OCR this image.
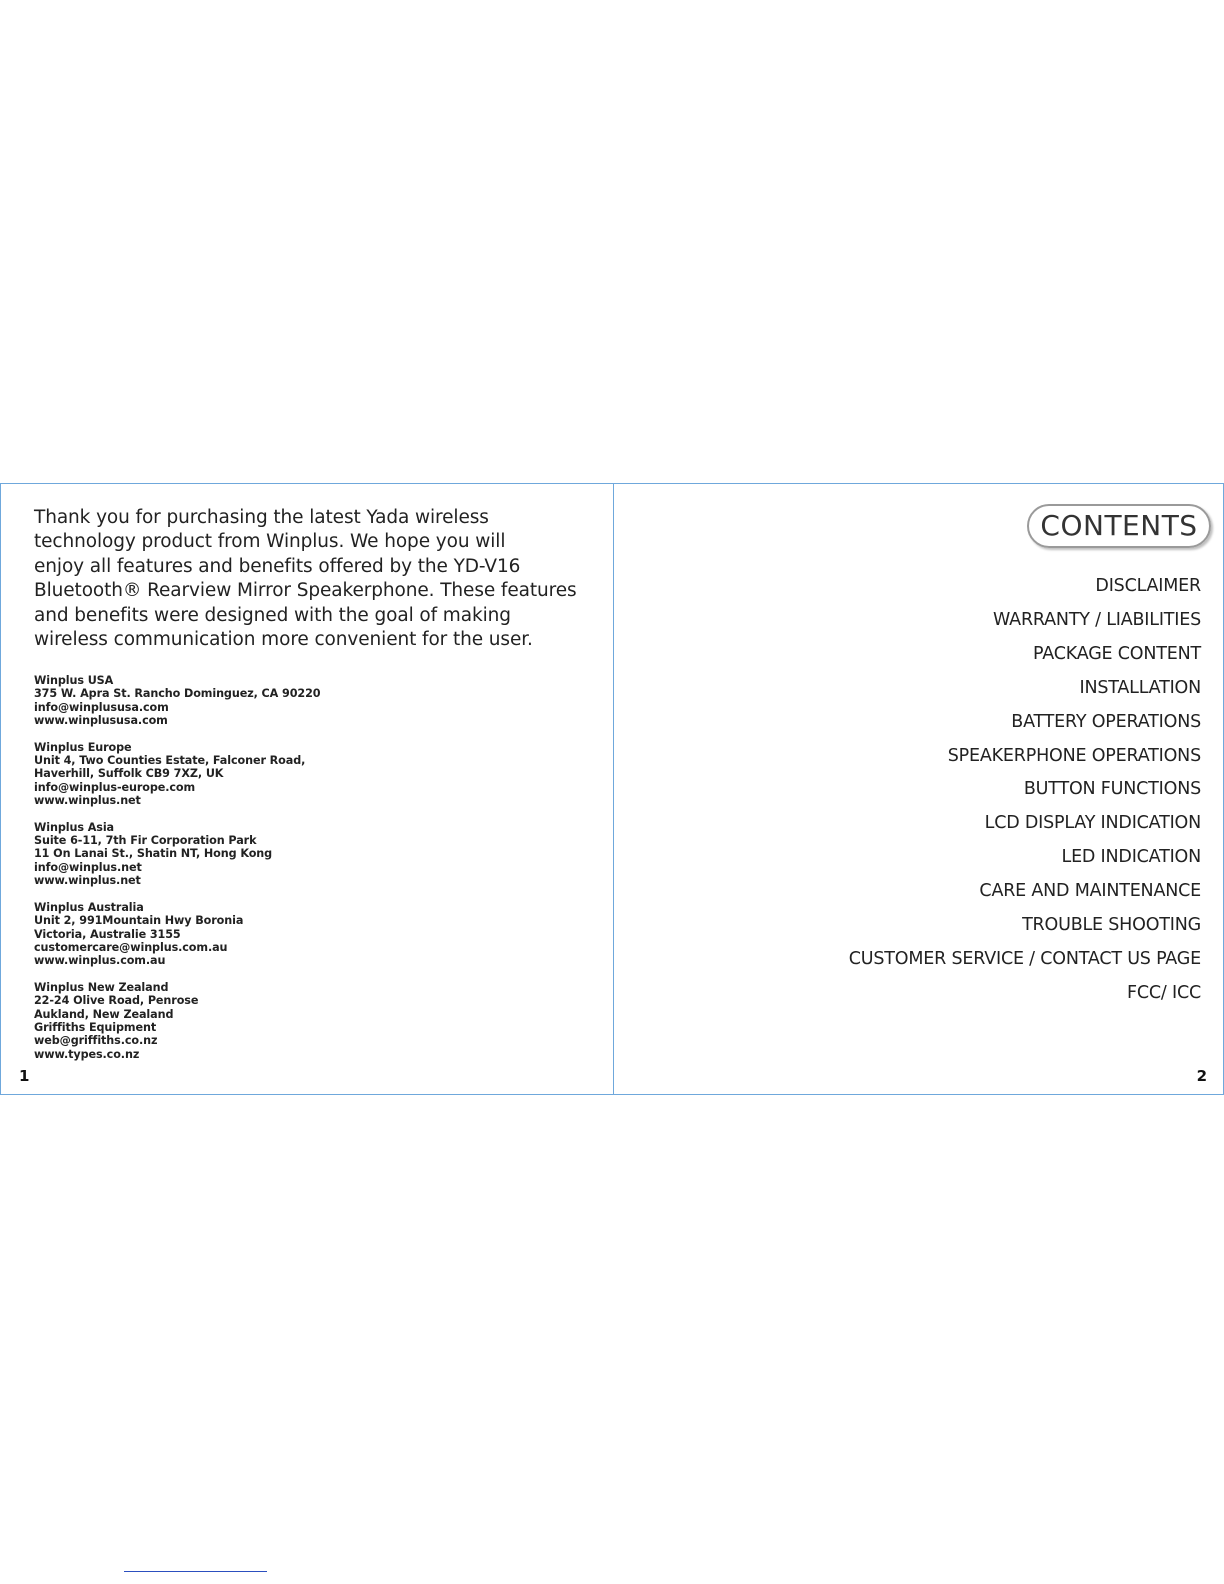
Thank you for purchasing the latest Yada wireless
technology product from Winplus. We hope you will
enjoy all features and benefits offered by the YD-V16
Bluetooth® Rearview Mirror Speakerphone. These features
and benefits were designed with the goal of making
wireless communication more convenient for the user.
Winplus USA
375 W. Apra St. Rancho Dominguez, CA 90220
info@winplususa.com
www.winplususa.com
Winplus Europe
Unit 4, Two Counties Estate, Falconer Road,
Haverhill, Suffolk CB9 7XZ, UK
info@winplus-europe.com
www.winplus.net
Winplus Asia
Suite 6-11, 7th Fir Corporation Park
11 On Lanai St., Shatin NT, Hong Kong
info@winplus.net
www.winplus.net
Winplus Australia
Unit 2, 991Mountain Hwy Boronia
Victoria, Australie 3155
customercare@winplus.com.au
www.winplus.com.au
Winplus New Zealand
22-24 Olive Road, Penrose
Aukland, New Zealand
Griffiths Equipment
web@griffiths.co.nz
www.types.co.nz
1
CONTENTS
DISCLAIMER
WARRANTY / LIABILITIES
PACKAGE CONTENT
INSTALLATION
BATTERY OPERATIONS
SPEAKERPHONE OPERATIONS
BUTTON FUNCTIONS
LCD DISPLAY INDICATION
LED INDICATION
CARE AND MAINTENANCE
TROUBLE SHOOTING
CUSTOMER SERVICE / CONTACT US PAGE
FCC/ ICC
2
